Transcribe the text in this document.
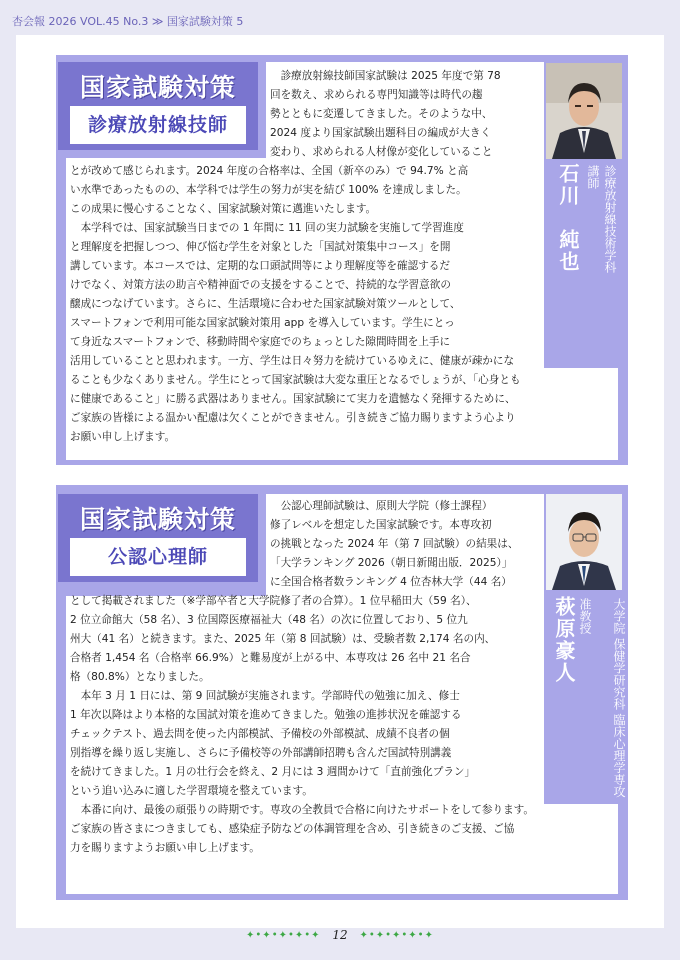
杏会報 2026 VOL.45 No.3 ≫ 国家試験対策 5
国家試験対策
診療放射線技師

　診療放射線技師国家試験は 2025 年度で第 78

回を数え、求められる専門知識等は時代の趨

勢とともに変遷してきました。そのような中、

2024 度より国家試験出題科目の編成が大きく

変わり、求められる人材像が変化していること

とが改めて感じられます。2024 年度の合格率は、全国（新卒のみ）で 94.7% と高

い水準であったものの、本学科では学生の努力が実を結び 100% を達成しました。

この成果に慢心することなく、国家試験対策に邁進いたします。

　本学科では、国家試験当日までの 1 年間に 11 回の実力試験を実施して学習進度

と理解度を把握しつつ、伸び悩む学生を対象とした「国試対策集中コース」を開

講しています。本コースでは、定期的な口頭試問等により理解度等を確認するだ

けでなく、対策方法の助言や精神面での支援をすることで、持続的な学習意欲の

醸成につなげています。さらに、生活環境に合わせた国家試験対策ツールとして、

スマートフォンで利用可能な国家試験対策用 app を導入しています。学生にとっ

て身近なスマートフォンで、移動時間や家庭でのちょっとした隙間時間を上手に

活用していることと思われます。一方、学生は日々努力を続けているゆえに、健康が疎かにな

ることも少なくありません。学生にとって国家試験は大変な重圧となるでしょうが、「心身とも

に健康であること」に勝る武器はありません。国家試験にて実力を遺憾なく発揮するために、

ご家族の皆様による温かい配慮は欠くことができません。引き続きご協力賜りますよう心より

お願い申し上げます。

診療放射線技術学科
講師
石川　純也
国家試験対策
公認心理師

　公認心理師試験は、原則大学院（修士課程）

修了レベルを想定した国家試験です。本専攻初

の挑戦となった 2024 年（第 7 回試験）の結果は、

「大学ランキング 2026（朝日新聞出版．2025）」

に全国合格者数ランキング 4 位杏林大学（44 名）

として掲載されました（※学部卒者と大学院修了者の合算）。1 位早稲田大（59 名）、

2 位立命館大（58 名）、3 位国際医療福祉大（48 名）の次に位置しており、5 位九

州大（41 名）と続きます。また、2025 年（第 8 回試験）は、受験者数 2,174 名の内、

合格者 1,454 名（合格率 66.9%）と難易度が上がる中、本専攻は 26 名中 21 名合

格（80.8%）となりました。

　本年 3 月 1 日には、第 9 回試験が実施されます。学部時代の勉強に加え、修士

1 年次以降はより本格的な国試対策を進めてきました。勉強の進捗状況を確認する

チェックテスト、過去問を使った内部模試、予備校の外部模試、成績不良者の個

別指導を繰り返し実施し、さらに予備校等の外部講師招聘も含んだ国試特別講義

を続けてきました。1 月の壮行会を終え、2 月には 3 週間かけて「直前強化プラン」

という追い込みに適した学習環境を整えています。

　本番に向け、最後の頑張りの時期です。専攻の全教員で合格に向けたサポートをして参ります。

ご家族の皆さまにつきましても、感染症予防などの体調管理を含め、引き続きのご支援、ご協

力を賜りますようお願い申し上げます。

大学院 保健学研究科 臨床心理学専攻
准教授
萩原豪人
✦•✦•✦•✦•✦ 12 ✦•✦•✦•✦•✦
